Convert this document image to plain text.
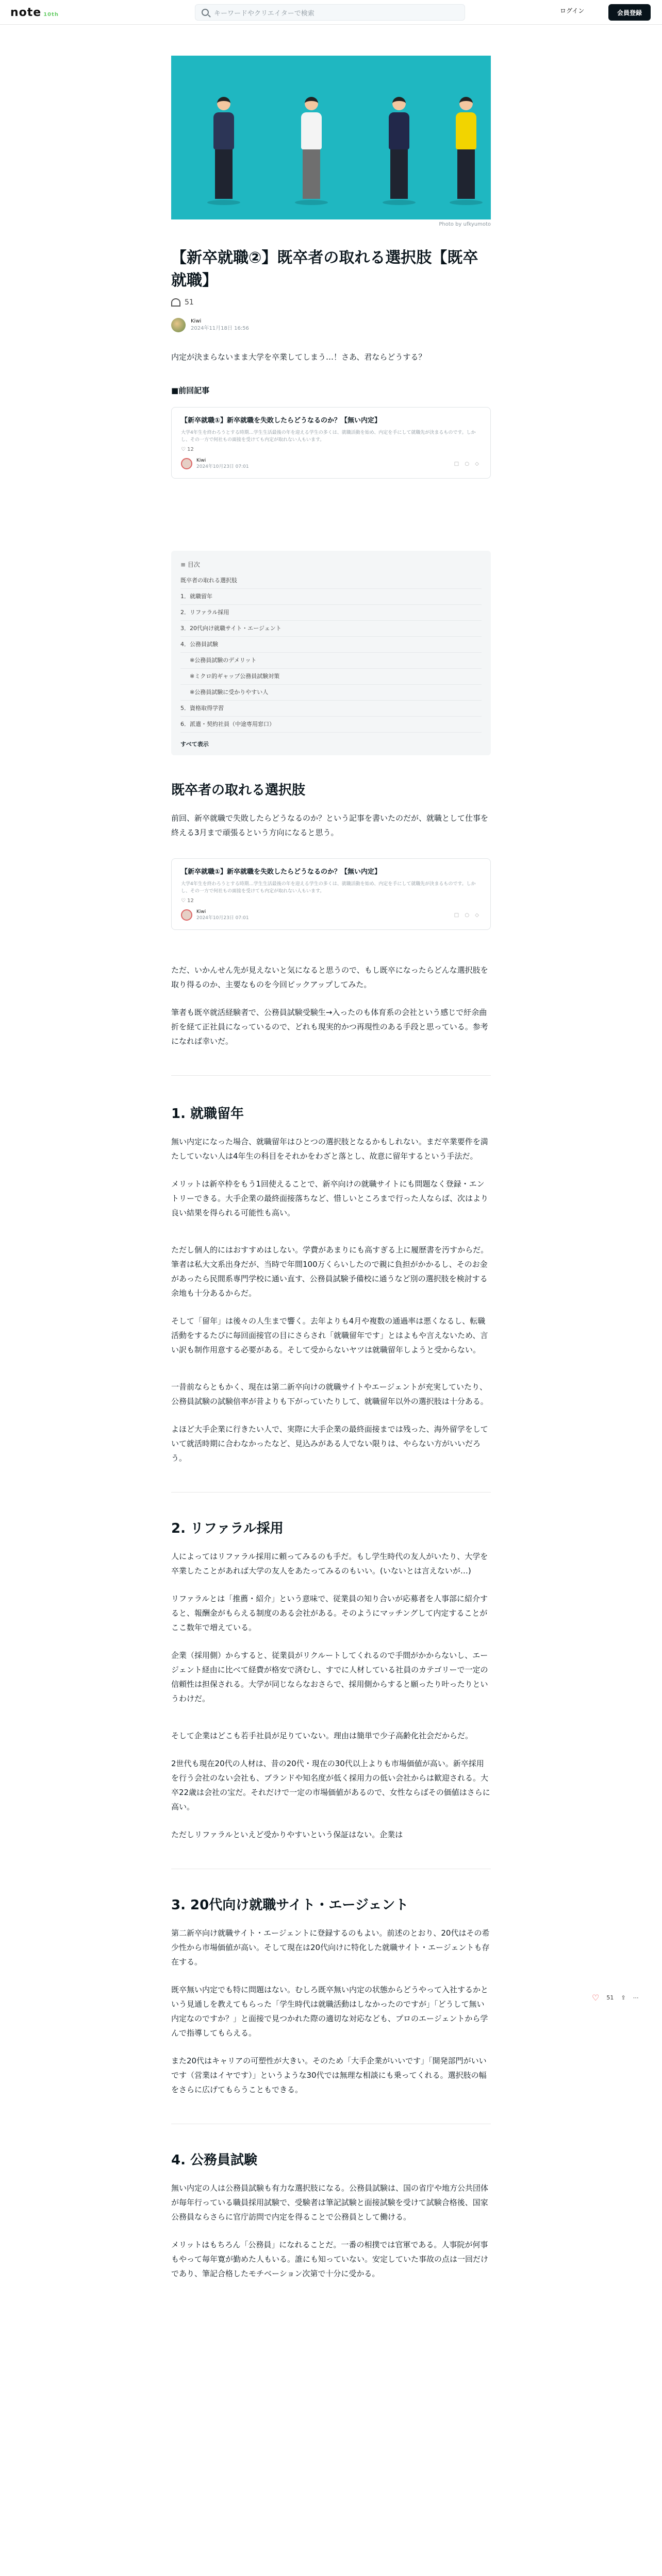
note 10th	キーワードやクリエイターで検索	ログイン	会員登録
Photo by ufkyumoto
【新卒就職②】既卒者の取れる選択肢【既卒就職】
51
Kiwi
2024年11月18日 16:56

内定が決まらないまま大学を卒業してしまう…！さあ、君ならどうする？

■前回記事
【新卒就職①】新卒就職を失敗したらどうなるのか？【無い内定】
大学4年生を終わろうとする時期…学生生活最後の年を迎える学生の多くは、就職活動を始め、内定を手にして就職先が決まるものです。しかし、その一方で何社もの面接を受けても内定が取れない人もいます。
♡ 12
Kiwi
2024年10月23日 07:01
□ ○ ◇
≡ 目次
既卒者の取れる選択肢
1．就職留年
2．リファラル採用
3．20代向け就職サイト・エージェント
4．公務員試験
※公務員試験のデメリット
※ミクロ的ギャップ公務員試験対策
※公務員試験に受かりやすい人
5．資格取得学習
6．派遣・契約社員（中途専用窓口）
すべて表示
既卒者の取れる選択肢

前回、新卒就職で失敗したらどうなるのか？という記事を書いたのだが、就職として仕事を終える3月まで頑張るという方向になると思う。

【新卒就職①】新卒就職を失敗したらどうなるのか？【無い内定】
大学4年生を終わろうとする時期…学生生活最後の年を迎える学生の多くは、就職活動を始め、内定を手にして就職先が決まるものです。しかし、その一方で何社もの面接を受けても内定が取れない人もいます。
♡ 12
Kiwi
2024年10月23日 07:01
□ ○ ◇

ただ、いかんせん先が見えないと気になると思うので、もし既卒になったらどんな選択肢を取り得るのか、主要なものを今回ピックアップしてみた。

筆者も既卒就活経験者で、公務員試験受験生→入ったのも体育系の会社という感じで紆余曲折を経て正社員になっているので、どれも現実的かつ再現性のある手段と思っている。参考になれば幸いだ。

1. 就職留年

無い内定になった場合、就職留年はひとつの選択肢となるかもしれない。まだ卒業要件を満たしていない人は4年生の科目をそれかをわざと落とし、故意に留年するという手法だ。

メリットは新卒枠をもう1回使えることで、新卒向けの就職サイトにも問題なく登録・エントリーできる。大手企業の最終面接落ちなど、惜しいところまで行った人ならば、次はより良い結果を得られる可能性も高い。

ただし個人的にはおすすめはしない。学費があまりにも高すぎる上に履歴書を汚すからだ。筆者は私大文系出身だが、当時で年間100万くらいしたので親に負担がかかるし、そのお金があったら民間系専門学校に通い直す、公務員試験予備校に通うなど別の選択肢を検討する余地も十分あるからだ。

そして「留年」は後々の人生まで響く。去年よりも4月や複数の通過率は悪くなるし、転職活動をするたびに毎回面接官の目にさらされ「就職留年です」とはよもや言えないため、言い訳も制作用意する必要がある。そして受からないヤツは就職留年しようと受からない。

一昔前ならともかく、現在は第二新卒向けの就職サイトやエージェントが充実していたり、公務員試験の試験倍率が昔よりも下がっていたりして、就職留年以外の選択肢は十分ある。

よほど大手企業に行きたい人で、実際に大手企業の最終面接までは残った、海外留学をしていて就活時期に合わなかったなど、見込みがある人でない限りは、やらない方がいいだろう。

2. リファラル採用

人によってはリファラル採用に頼ってみるのも手だ。もし学生時代の友人がいたり、大学を卒業したことがあれば大学の友人をあたってみるのもいい。(いないとは言えないが…)

リファラルとは「推薦・紹介」という意味で、従業員の知り合いが応募者を人事部に紹介すると、報酬金がもらえる制度のある会社がある。そのようにマッチングして内定することがここ数年で増えている。

企業（採用側）からすると、従業員がリクルートしてくれるので手間がかからないし、エージェント経由に比べて経費が格安で済むし、すでに人材している社員のカテゴリーで一定の信頼性は担保される。大学が同じならなおさらで、採用側からすると願ったり叶ったりというわけだ。

そして企業はどこも若手社員が足りていない。理由は簡単で少子高齢化社会だからだ。

2世代も現在20代の人材は、昔の20代・現在の30代以上よりも市場価値が高い。新卒採用を行う会社のない会社も、ブランドや知名度が低く採用力の低い会社からは歓迎される。大卒22歳は会社の宝だ。それだけで一定の市場価値があるので、女性ならばその価値はさらに高い。

ただしリファラルといえど受かりやすいという保証はない。企業は

3. 20代向け就職サイト・エージェント

第二新卒向け就職サイト・エージェントに登録するのもよい。前述のとおり、20代はその希少性から市場価値が高い。そして現在は20代向けに特化した就職サイト・エージェントも存在する。

既卒無い内定でも特に問題はない。むしろ既卒無い内定の状態からどうやって入社するかという見通しを教えてもらった「学生時代は就職活動はしなかったのですが」「どうして無い内定なのですか？」と面接で見つかれた際の適切な対応なども、プロのエージェントから学んで指導してもらえる。

また20代はキャリアの可塑性が大きい。そのため「大手企業がいいです」「開発部門がいいです（営業はイヤです）」というような30代では無理な相談にも乗ってくれる。選択肢の幅をさらに広げてもらうこともできる。

4. 公務員試験

無い内定の人は公務員試験も有力な選択肢になる。公務員試験は、国の省庁や地方公共団体が毎年行っている職員採用試験で、受験者は筆記試験と面接試験を受けて試験合格後、国家公務員ならさらに官庁訪問で内定を得ることで公務員として働ける。

メリットはもちろん「公務員」になれることだ。一番の相撲では官軍である。人事院が何事もやって毎年寛が勤めた人もいる。誰にも知っていない。安定していた事故の点は一回だけであり、筆記合格したモチベーション次第で十分に受かる。

♡ 51 ⇪ ⋯
